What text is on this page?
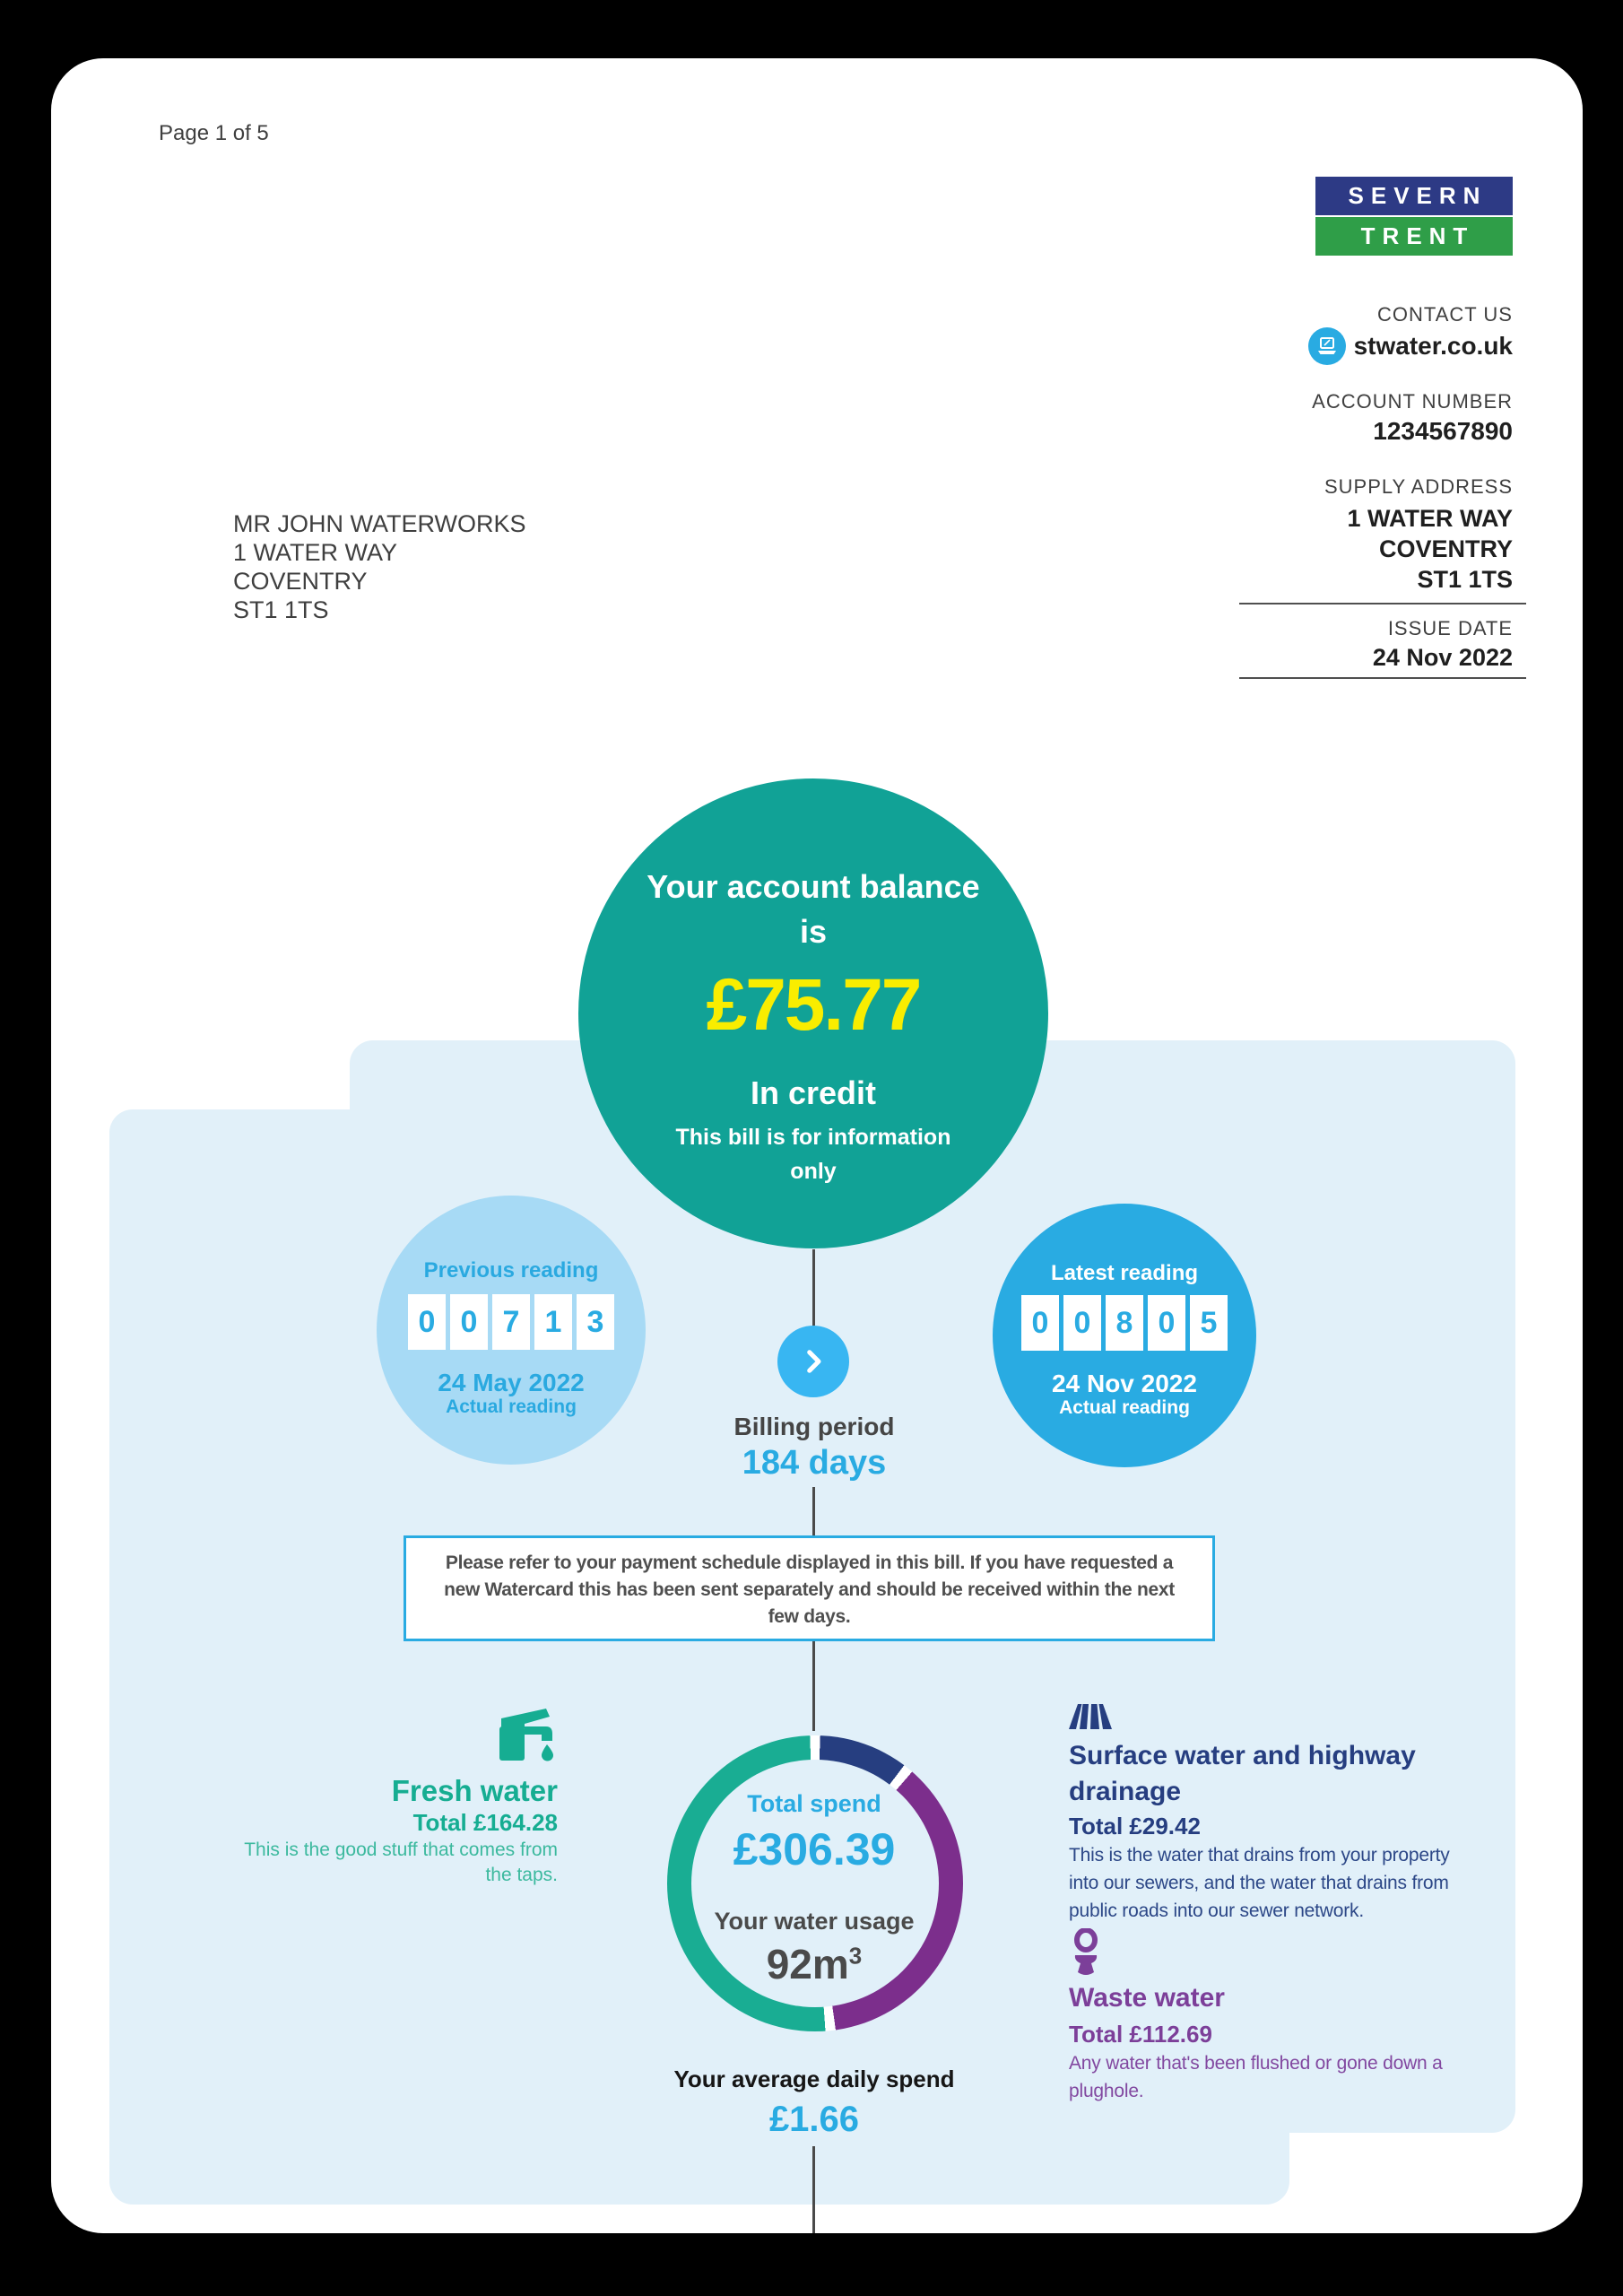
Page 1 of 5
SEVERN
TRENT
CONTACT US
stwater.co.uk
ACCOUNT NUMBER
1234567890
SUPPLY ADDRESS
1 WATER WAY
COVENTRY
ST1 1TS
ISSUE DATE
24 Nov 2022
MR JOHN WATERWORKS
1 WATER WAY
COVENTRY
ST1 1TS
Your account balance
is
£75.77
In credit
This bill is for information
only
Previous reading
0 0 7 1 3
24 May 2022
Actual reading
Latest reading
0 0 8 0 5
24 Nov 2022
Actual reading
Billing period
184 days
Please refer to your payment schedule displayed in this bill. If you have requested a
new Watercard this has been sent separately and should be received within the next
few days.
Fresh water
Total £164.28
This is the good stuff that comes from
the taps.
Total spend
£306.39
Your water usage
$92m^3$
Surface water and highway
drainage
Total £29.42
This is the water that drains from your property
into our sewers, and the water that drains from
public roads into our sewer network.
Waste water
Total £112.69
Any water that's been flushed or gone down a
plughole.
Your average daily spend
£1.66
